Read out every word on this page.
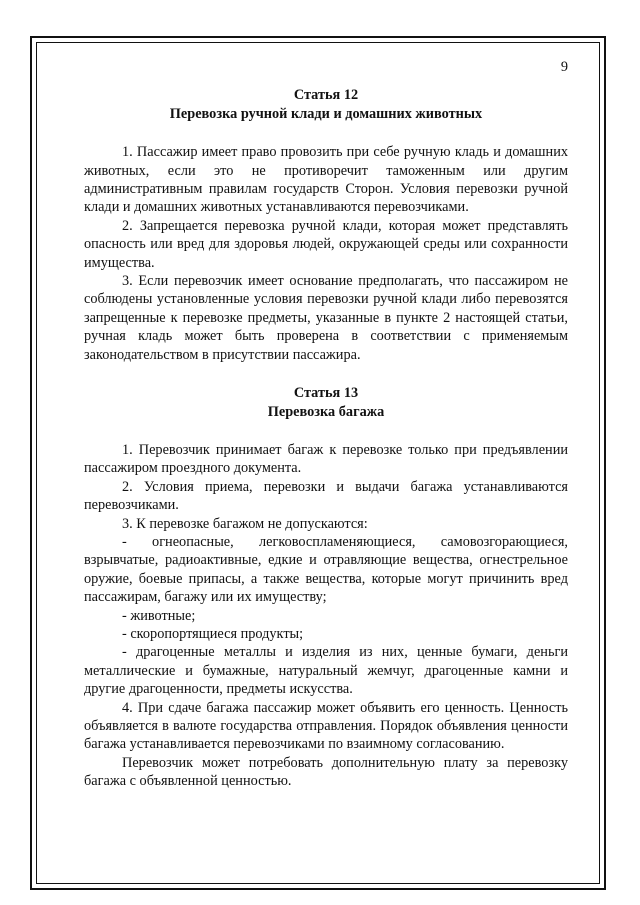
9

Статья 12

Перевозка ручной клади и домашних животных

1. Пассажир имеет право провозить при себе ручную кладь и домашних животных, если это не противоречит таможенным или другим административным правилам государств Сторон. Условия перевозки ручной клади и домашних животных устанавливаются перевозчиками.

2. Запрещается перевозка ручной клади, которая может представлять опасность или вред для здоровья людей, окружающей среды или сохранности имущества.

3. Если перевозчик имеет основание предполагать, что пассажиром не соблюдены установленные условия перевозки ручной клади либо перевозятся запрещенные к перевозке предметы, указанные в пункте 2 настоящей статьи, ручная кладь может быть проверена в соответствии с применяемым законодательством в присутствии пассажира.

Статья 13

Перевозка багажа

1. Перевозчик принимает багаж к перевозке только при предъявлении пассажиром проездного документа.

2. Условия приема, перевозки и выдачи багажа устанавливаются перевозчиками.

3. К перевозке багажом не допускаются:

- огнеопасные, легковоспламеняющиеся, самовозгорающиеся, взрывчатые, радиоактивные, едкие и отравляющие вещества, огнестрельное оружие, боевые припасы, а также вещества, которые могут причинить вред пассажирам, багажу или их имуществу;

- животные;

- скоропортящиеся продукты;

- драгоценные металлы и изделия из них, ценные бумаги, деньги металлические и бумажные, натуральный жемчуг, драгоценные камни и другие драгоценности, предметы искусства.

4. При сдаче багажа пассажир может объявить его ценность. Ценность объявляется в валюте государства отправления. Порядок объявления ценности багажа устанавливается перевозчиками по взаимному согласованию.

Перевозчик может потребовать дополнительную плату за перевозку багажа с объявленной ценностью.
